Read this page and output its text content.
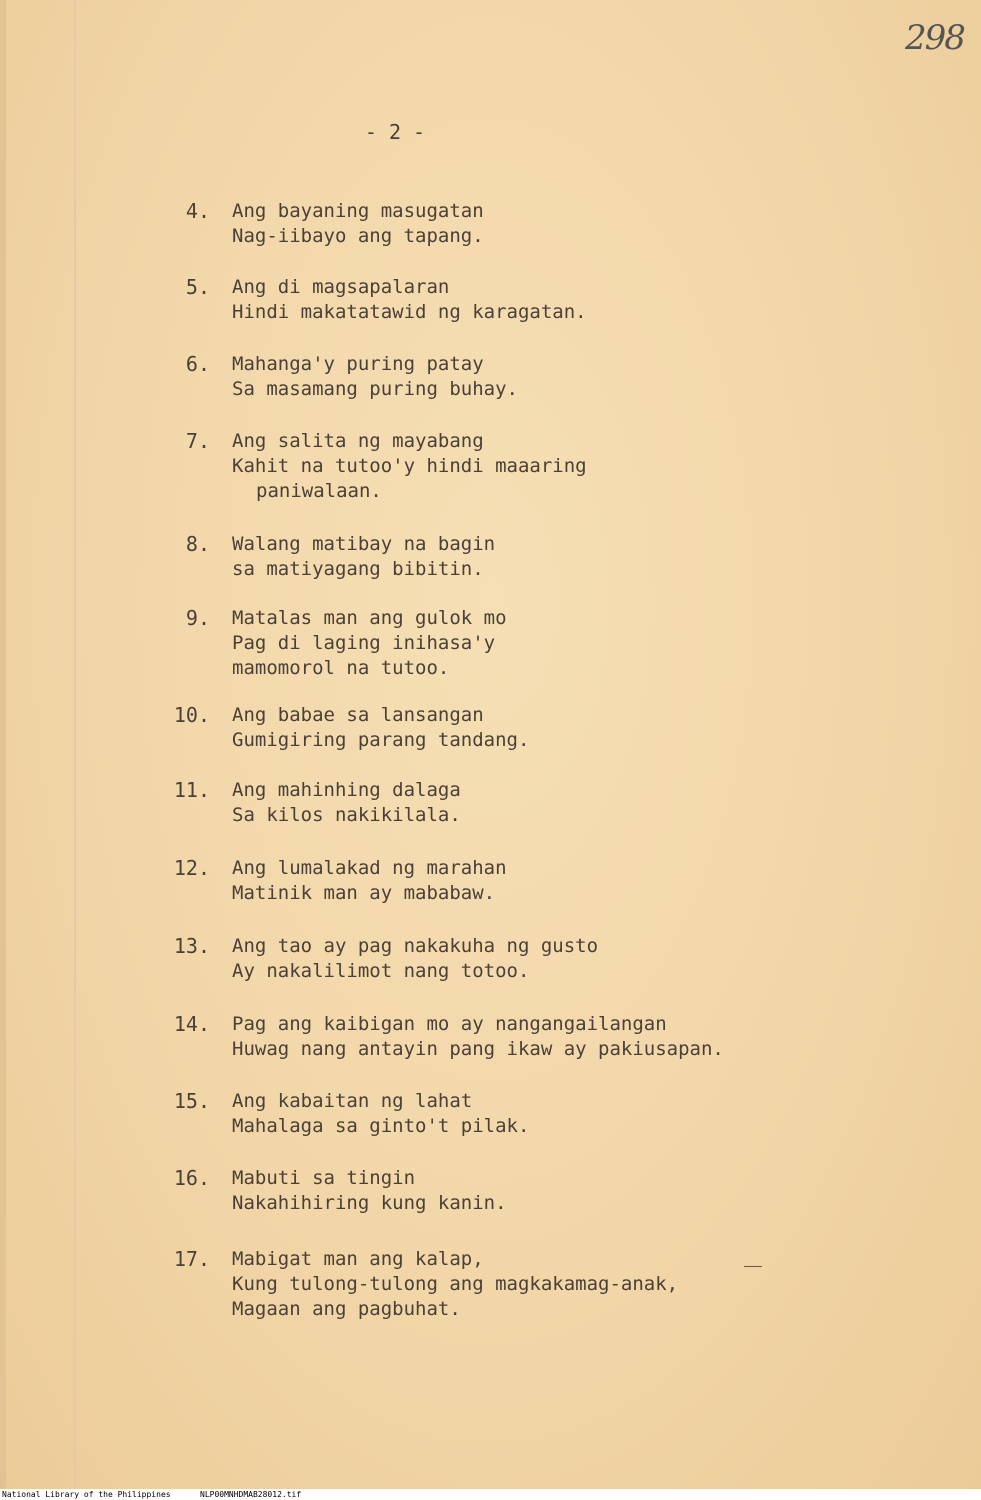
298
- 2 -
4. Ang bayaning masugatan
Nag-iibayo ang tapang.
5. Ang di magsapalaran
Hindi makatatawid ng karagatan.
6. Mahanga'y puring patay
Sa masamang puring buhay.
7. Ang salita ng mayabang
Kahit na tutoo'y hindi maaaring
paniwalaan.
8. Walang matibay na bagin
sa matiyagang bibitin.
9. Matalas man ang gulok mo
Pag di laging inihasa'y
mamomorol na tutoo.
10. Ang babae sa lansangan
Gumigiring parang tandang.
11. Ang mahinhing dalaga
Sa kilos nakikilala.
12. Ang lumalakad ng marahan
Matinik man ay mababaw.
13. Ang tao ay pag nakakuha ng gusto
Ay nakalilimot nang totoo.
14. Pag ang kaibigan mo ay nangangailangan
Huwag nang antayin pang ikaw ay pakiusapan.
15. Ang kabaitan ng lahat
Mahalaga sa ginto't pilak.
16. Mabuti sa tingin
Nakahihiring kung kanin.
17. Mabigat man ang kalap,
Kung tulong-tulong ang magkakamag-anak,
Magaan ang pagbuhat.
National Library of the Philippines	NLP00MNHDMAB28012.tif
